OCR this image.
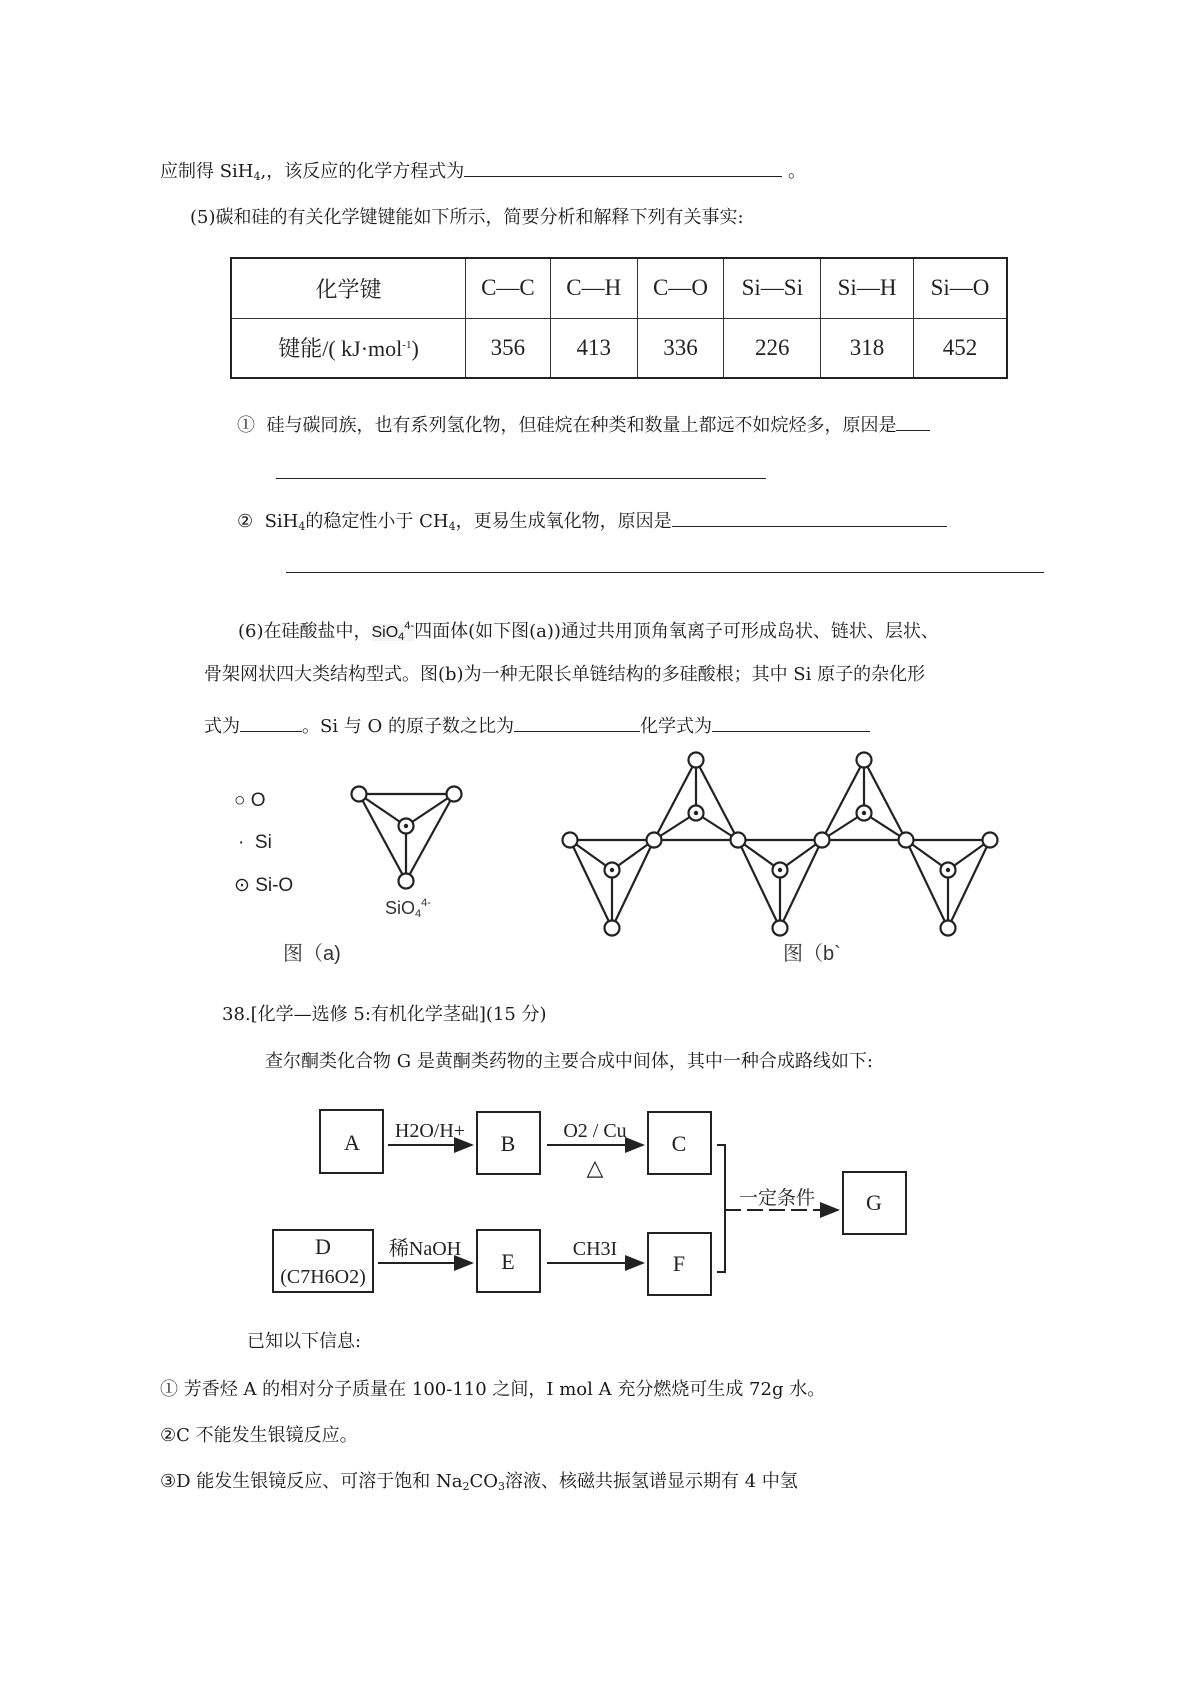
应制得 SiH$_4$,，该反应的化学方程式为	。
(5)碳和硅的有关化学键键能如下所示，简要分析和解释下列有关事实:
化学键	C—C	C—H	C—O	Si—Si	Si—H	Si—O
键能/( kJ·mol$^{-1}$)	356	413	336	226	318	452
① 硅与碳同族，也有系列氢化物，但硅烷在种类和数量上都远不如烷烃多，原因是
② SiH$_4$的稳定性小于 $CH_4$，更易生成氧化物，原因是
(6)在硅酸盐中，SiO$_4^{4-}$四面体(如下图(a))通过共用顶角氧离子可形成岛状、链状、层状、
骨架网状四大类结构型式。图(b)为一种无限长单链结构的多硅酸根；其中 Si 原子的杂化形
式为	。Si 与 O 的原子数之比为	化学式为
○ O
· Si
⊙ Si-O
SiO$_4^{4-}$
图（a)	图（b`
38.[化学—选修 5:有机化学茎础](15 分)
查尔酮类化合物 G 是黄酮类药物的主要合成中间体，其中一种合成路线如下:
A	B	C
D
(C7H6O2)
E	F
G
H2O/H+	O2 / Cu
△
稀NaOH	CH3I
一定条件
已知以下信息:
① 芳香烃 A 的相对分子质量在 100-110 之间，I mol A 充分燃烧可生成 72g 水。
②C 不能发生银镜反应。
③D 能发生银镜反应、可溶于饱和 $Na_2CO_3$溶液、核磁共振氢谱显示期有 4 中氢
